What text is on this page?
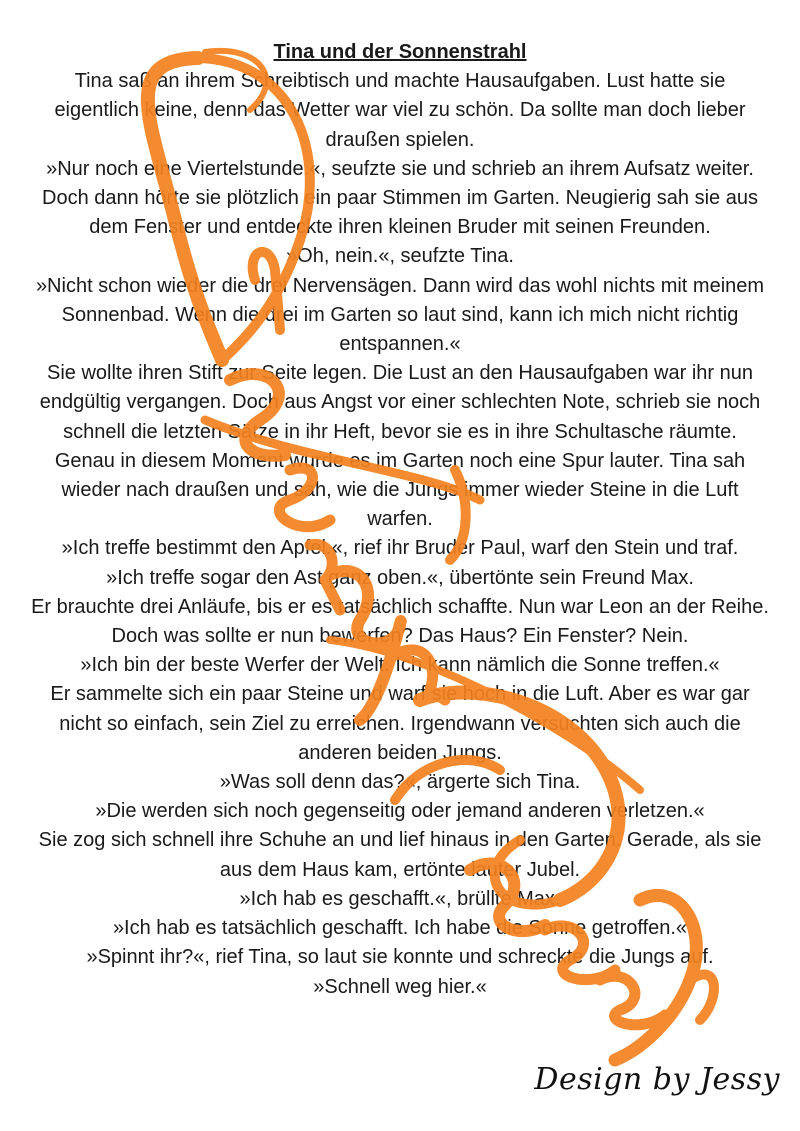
Tina und der Sonnenstrahl

Tina saß an ihrem Schreibtisch und machte Hausaufgaben. Lust hatte sie eigentlich keine, denn das Wetter war viel zu schön. Da sollte man doch lieber draußen spielen.

»Nur noch eine Viertelstunde.«, seufzte sie und schrieb an ihrem Aufsatz weiter.

Doch dann hörte sie plötzlich ein paar Stimmen im Garten. Neugierig sah sie aus dem Fenster und entdeckte ihren kleinen Bruder mit seinen Freunden.

»Oh, nein.«, seufzte Tina.

»Nicht schon wieder die drei Nervensägen. Dann wird das wohl nichts mit meinem Sonnenbad. Wenn die drei im Garten so laut sind, kann ich mich nicht richtig entspannen.«

Sie wollte ihren Stift zur Seite legen. Die Lust an den Hausaufgaben war ihr nun endgültig vergangen. Doch aus Angst vor einer schlechten Note, schrieb sie noch schnell die letzten Sätze in ihr Heft, bevor sie es in ihre Schultasche räumte.

Genau in diesem Moment wurde es im Garten noch eine Spur lauter. Tina sah wieder nach draußen und sah, wie die Jungs immer wieder Steine in die Luft warfen.

»Ich treffe bestimmt den Apfel.«, rief ihr Bruder Paul, warf den Stein und traf.

»Ich treffe sogar den Ast ganz oben.«, übertönte sein Freund Max.

Er brauchte drei Anläufe, bis er es tatsächlich schaffte. Nun war Leon an der Reihe. Doch was sollte er nun bewerfen? Das Haus? Ein Fenster? Nein.

»Ich bin der beste Werfer der Welt. Ich kann nämlich die Sonne treffen.«

Er sammelte sich ein paar Steine und warf sie hoch in die Luft. Aber es war gar nicht so einfach, sein Ziel zu erreichen. Irgendwann versuchten sich auch die anderen beiden Jungs.

»Was soll denn das?«, ärgerte sich Tina.

»Die werden sich noch gegenseitig oder jemand anderen verletzen.«

Sie zog sich schnell ihre Schuhe an und lief hinaus in den Garten. Gerade, als sie aus dem Haus kam, ertönte lauter Jubel.

»Ich hab es geschafft.«, brüllte Max.

»Ich hab es tatsächlich geschafft. Ich habe die Sonne getroffen.«

»Spinnt ihr?«, rief Tina, so laut sie konnte und schreckte die Jungs auf.

»Schnell weg hier.«

Design by Jessy
